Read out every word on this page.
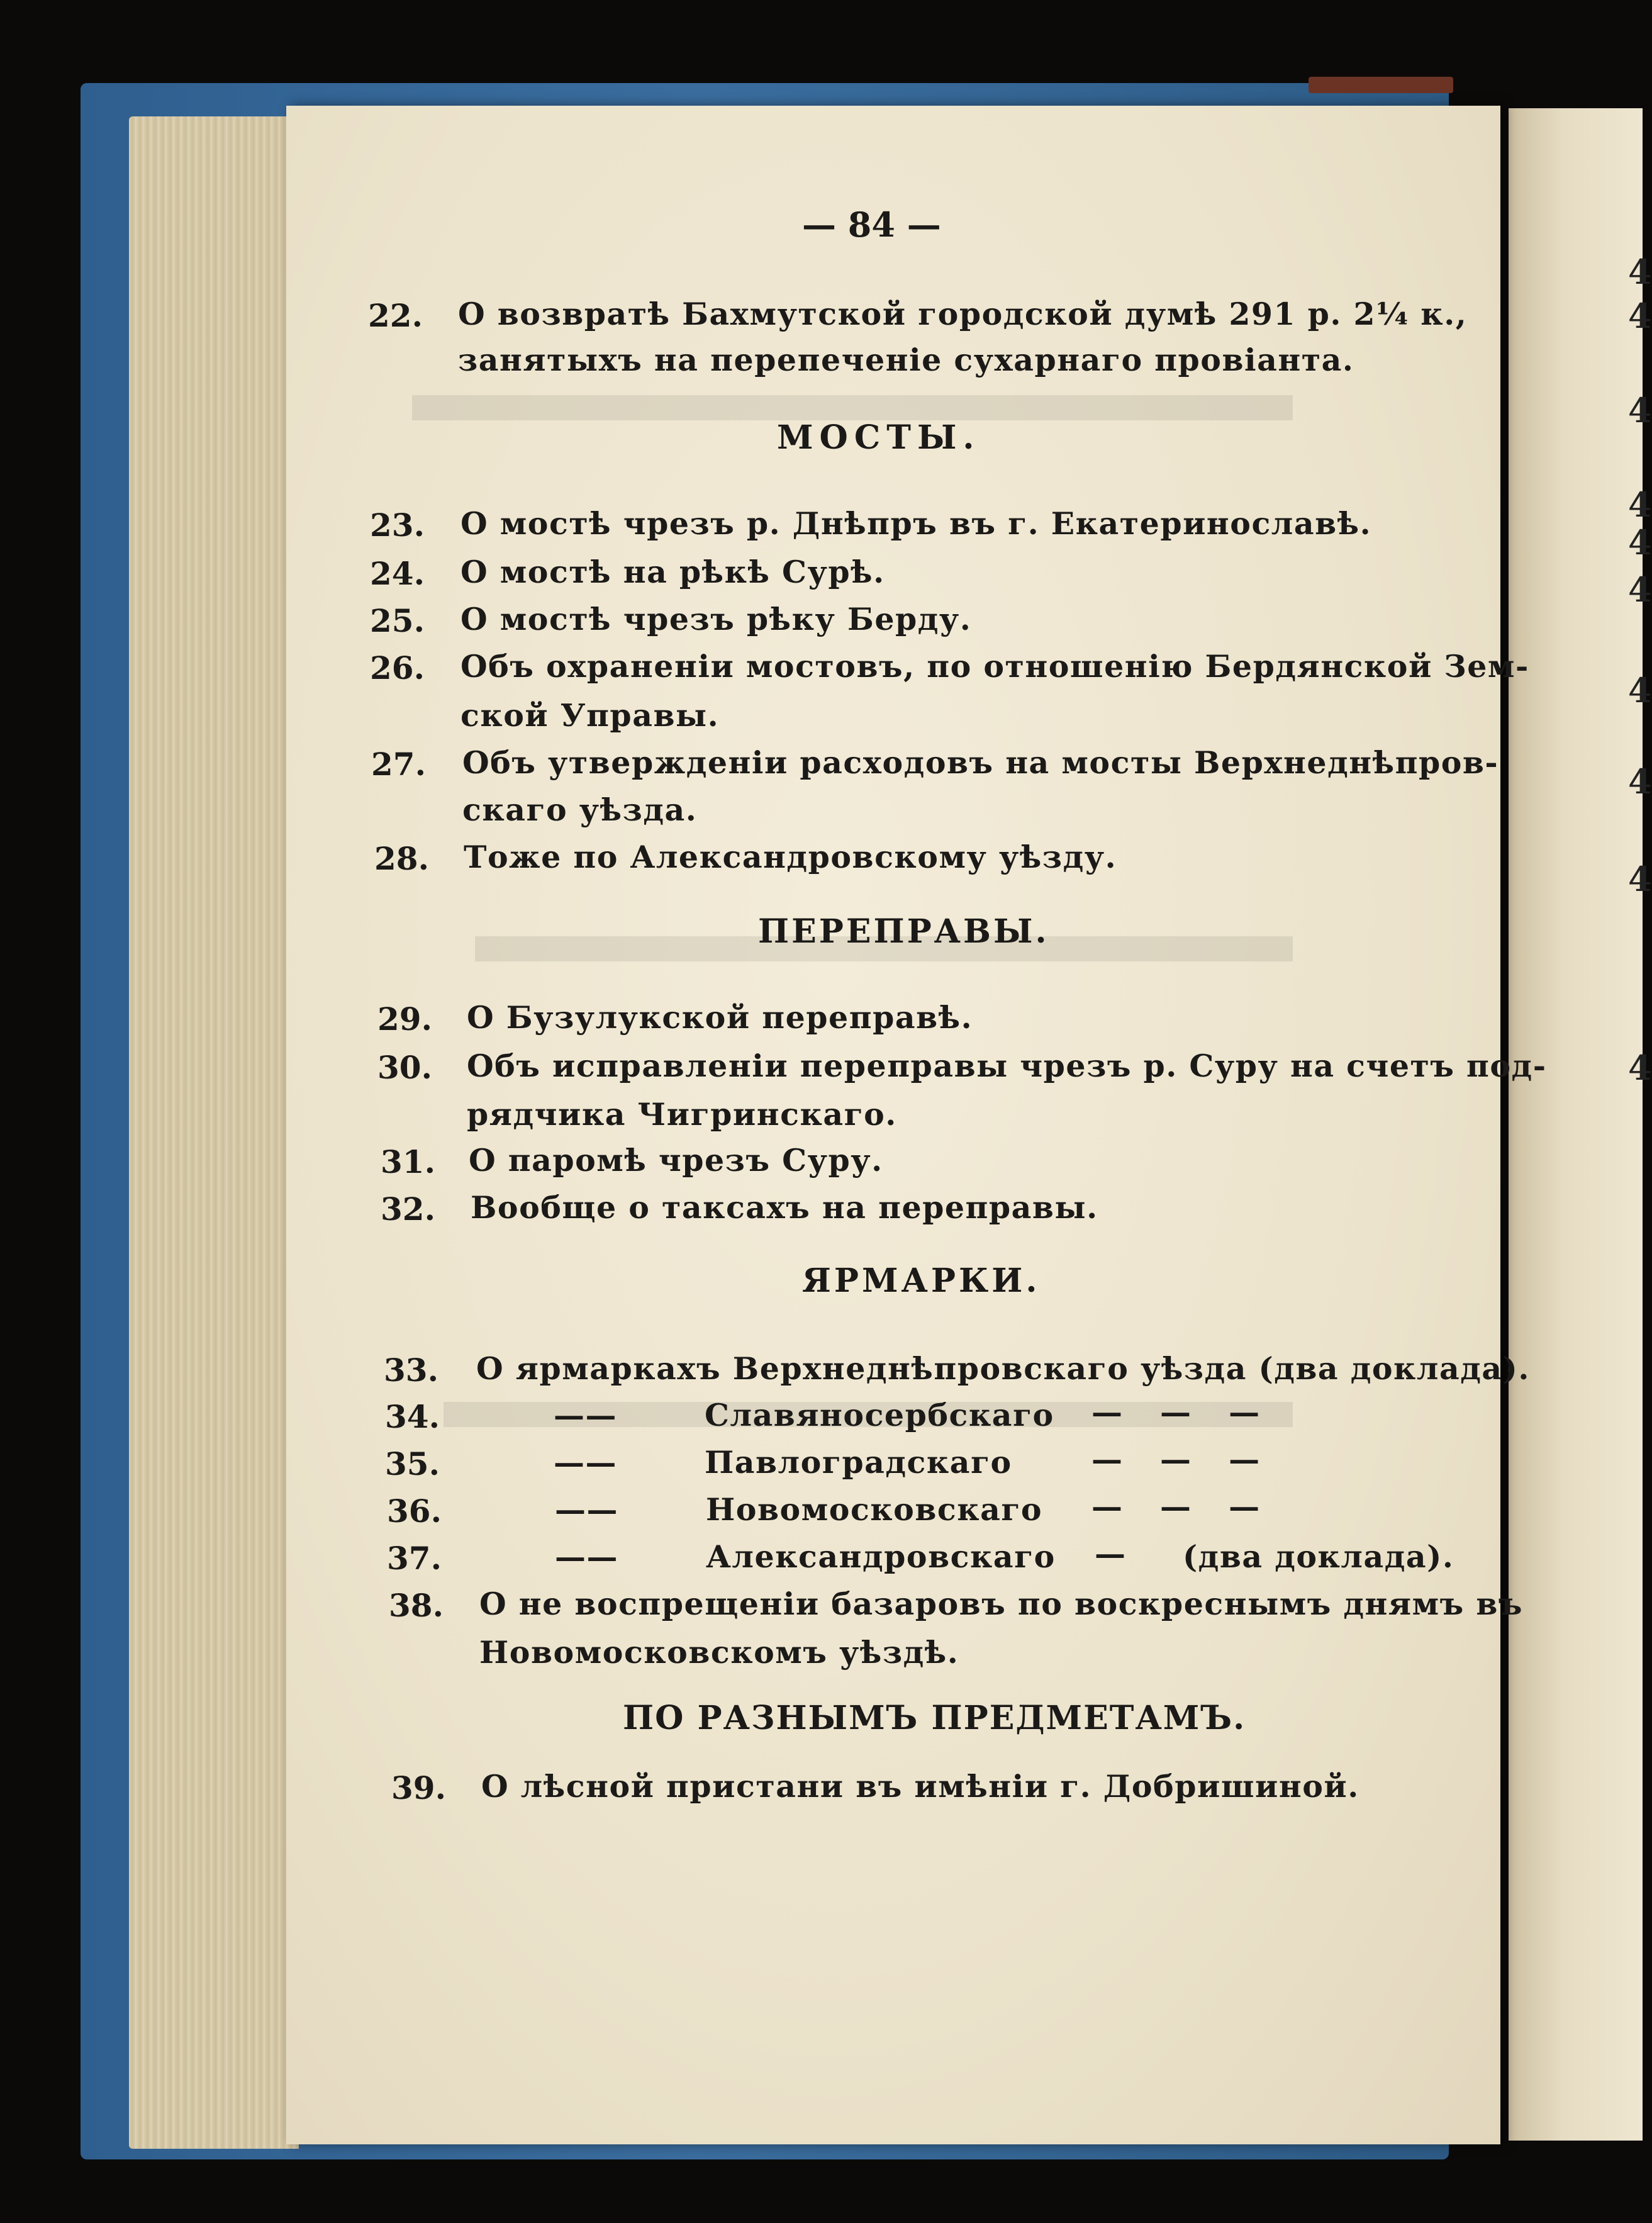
4
4
4
4
4
4
4
4
4
4
— 84 —
22. О возвратѣ Бахмутской городской думѣ 291 р. 2¼ к.,
занятыхъ на перепеченіе сухарнаго провіанта.
МОСТЫ.
23. О мостѣ чрезъ р. Днѣпръ въ г. Екатеринославѣ.
24. О мостѣ на рѣкѣ Сурѣ.
25. О мостѣ чрезъ рѣку Берду.
26. Объ охраненіи мостовъ, по отношенію Бердянской Зем-
ской Управы.
27. Объ утвержденіи расходовъ на мосты Верхнеднѣпров-
скаго уѣзда.
28. Тоже по Александровскому уѣзду.
ПЕРЕПРАВЫ.
29. О Бузулукской переправѣ.
30. Объ исправленіи переправы чрезъ р. Суру на счетъ под-
рядчика Чигринскаго.
31. О паромѣ чрезъ Суру.
32. Вообще о таксахъ на переправы.
ЯРМАРКИ.
33. О ярмаркахъ Верхнеднѣпровскаго уѣзда (два доклада).
34.	——	Славяносербскаго — — —
35.	——	Павлоградскаго	— — —
36.	——	Новомосковскаго — — —
37.	——	Александровскаго — (два доклада).
38. О не воспрещеніи базаровъ по воскреснымъ днямъ въ
Новомосковскомъ уѣздѣ.
ПО РАЗНЫМЪ ПРЕДМЕТАМЪ.
39. О лѣсной пристани въ имѣніи г. Добришиной.
